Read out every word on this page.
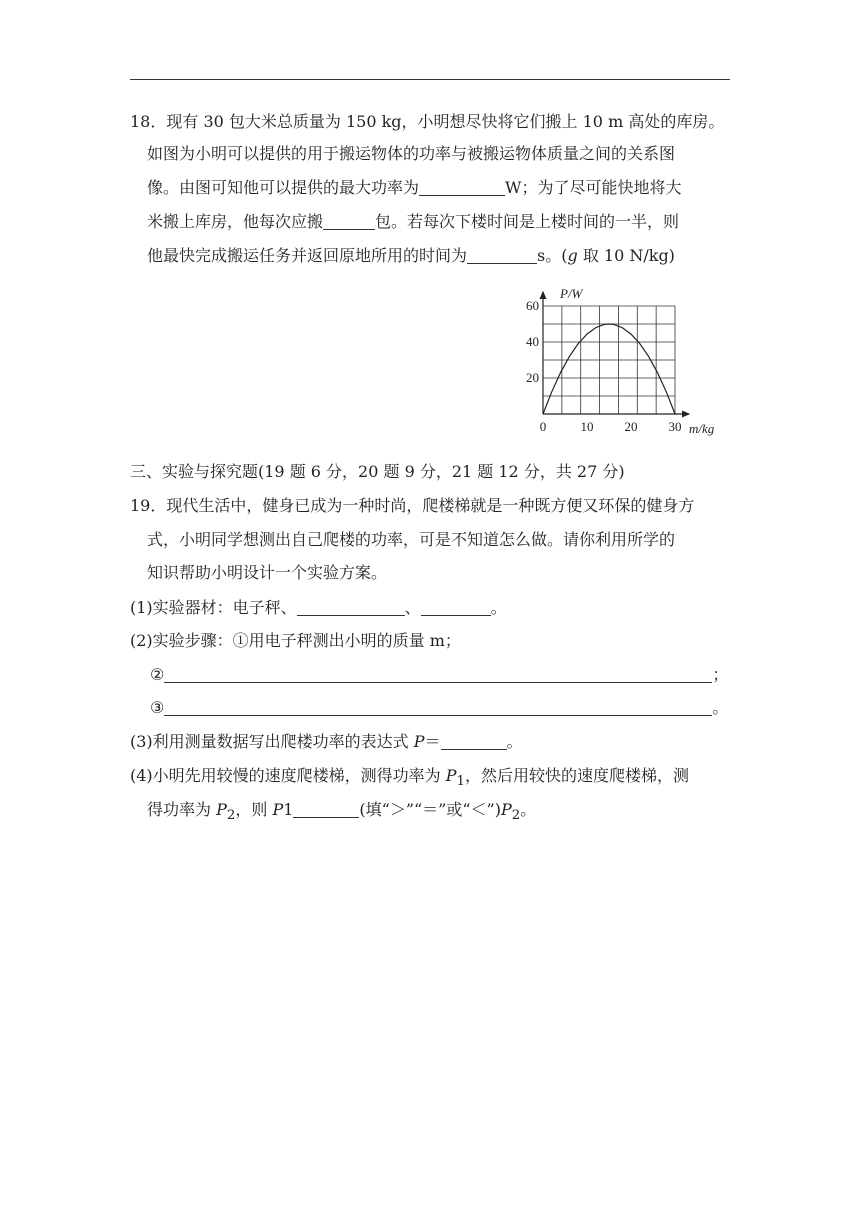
18．现有 30 包大米总质量为 150 kg，小明想尽快将它们搬上 10 m 高处的库房。
如图为小明可以提供的用于搬运物体的功率与被搬运物体质量之间的关系图
像。由图可知他可以提供的最大功率为	W；为了尽可能快地将大
米搬上库房，他每次应搬	包。若每次下楼时间是上楼时间的一半，则
他最快完成搬运任务并返回原地所用的时间为	s。(g 取 10 N/kg)
0	10 20 30
20
40
60
P/W
m/kg
三、实验与探究题(19 题 6 分，20 题 9 分，21 题 12 分，共 27 分)
19．现代生活中，健身已成为一种时尚，爬楼梯就是一种既方便又环保的健身方
式，小明同学想测出自己爬楼的功率，可是不知道怎么做。请你利用所学的
知识帮助小明设计一个实验方案。
(1)实验器材：电子秤、	、	。
(2)实验步骤：①用电子秤测出小明的质量 m；
②	；
③	。
(3)利用测量数据写出爬楼功率的表达式 P＝	。
(4)小明先用较慢的速度爬楼梯，测得功率为 $P_1$，然后用较快的速度爬楼梯，测
得功率为 $P_2$，则 P1	(填“＞”“＝”或“$<”)P_2$。
